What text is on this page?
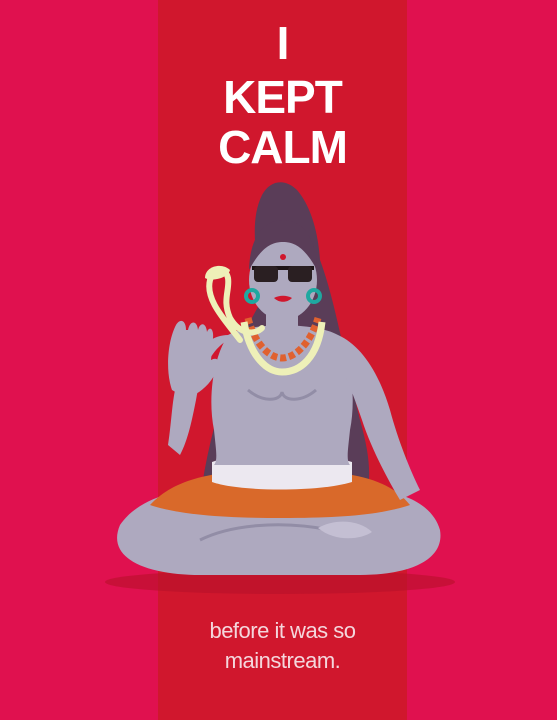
I
KEPT
CALM
before it was so
mainstream.
